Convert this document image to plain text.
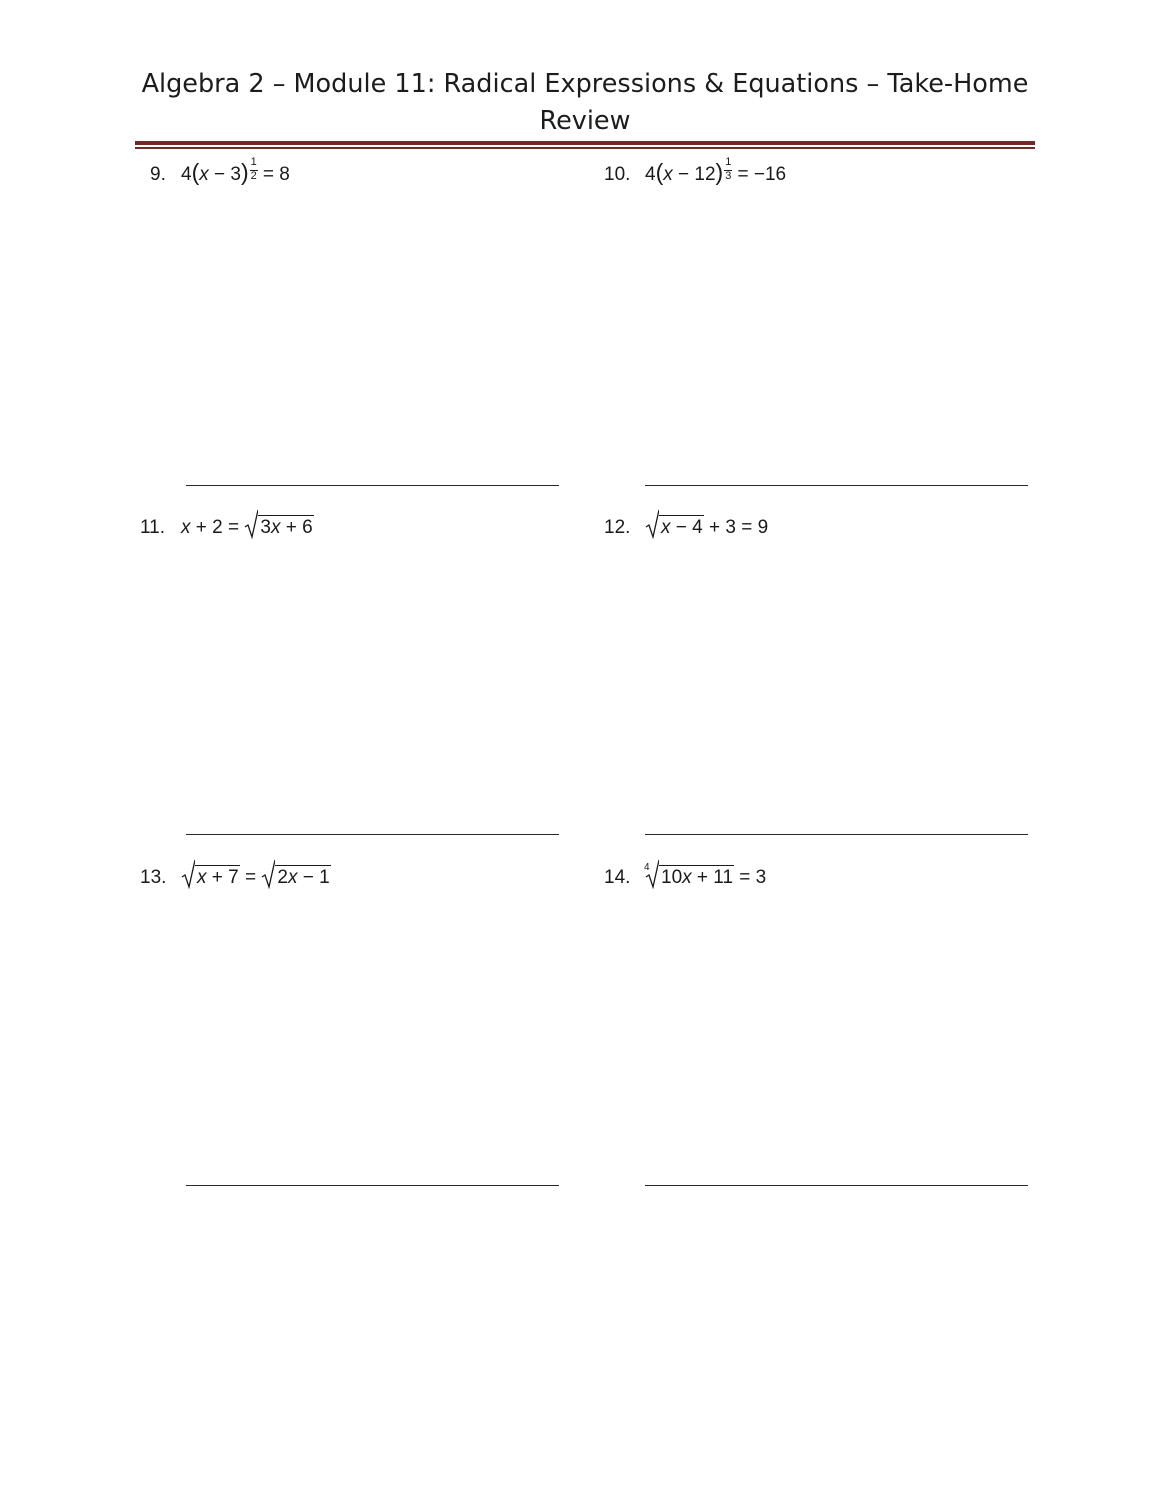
Algebra 2 – Module 11: Radical Expressions & Equations – Take-Home
Review
9. $4(x - 3) \frac{1}{2} = 8$	10. $4(x - 12) \frac{1}{3} = -16$
11. x + 2 =
3x + 6	12.	x − 4 + 3 = 9
13.	x + 7 =
2x − 1	14. 4 10x + 11 = 3
